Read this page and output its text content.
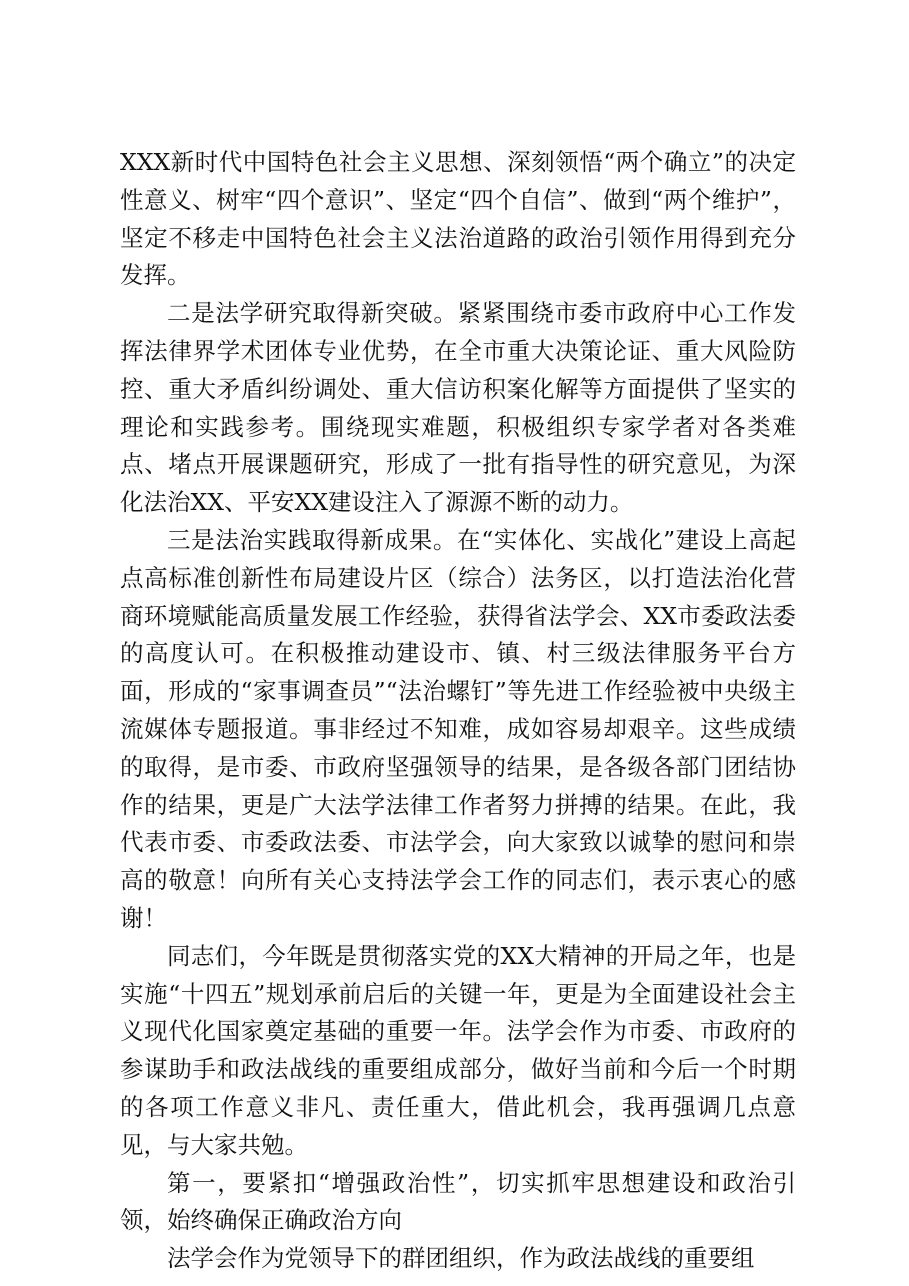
XXX新时代中国特色社会主义思想、深刻领悟“两个确立”的决定性意义、树牢“四个意识”、坚定“四个自信”、做到“两个维护”，坚定不移走中国特色社会主义法治道路的政治引领作用得到充分发挥。

二是法学研究取得新突破。紧紧围绕市委市政府中心工作发挥法律界学术团体专业优势，在全市重大决策论证、重大风险防控、重大矛盾纠纷调处、重大信访积案化解等方面提供了坚实的理论和实践参考。围绕现实难题，积极组织专家学者对各类难点、堵点开展课题研究，形成了一批有指导性的研究意见，为深化法治XX、平安XX建设注入了源源不断的动力。

三是法治实践取得新成果。在“实体化、实战化”建设上高起点高标准创新性布局建设片区（综合）法务区，以打造法治化营商环境赋能高质量发展工作经验，获得省法学会、XX市委政法委的高度认可。在积极推动建设市、镇、村三级法律服务平台方面，形成的“家事调查员”“法治螺钉”等先进工作经验被中央级主流媒体专题报道。事非经过不知难，成如容易却艰辛。这些成绩的取得，是市委、市政府坚强领导的结果，是各级各部门团结协作的结果，更是广大法学法律工作者努力拼搏的结果。在此，我代表市委、市委政法委、市法学会，向大家致以诚挚的慰问和崇高的敬意！向所有关心支持法学会工作的同志们，表示衷心的感谢！

同志们，今年既是贯彻落实党的XX大精神的开局之年，也是实施“十四五”规划承前启后的关键一年，更是为全面建设社会主义现代化国家奠定基础的重要一年。法学会作为市委、市政府的参谋助手和政法战线的重要组成部分，做好当前和今后一个时期的各项工作意义非凡、责任重大，借此机会，我再强调几点意见，与大家共勉。

第一，要紧扣“增强政治性”，切实抓牢思想建设和政治引领，始终确保正确政治方向

法学会作为党领导下的群团组织，作为政法战线的重要组
